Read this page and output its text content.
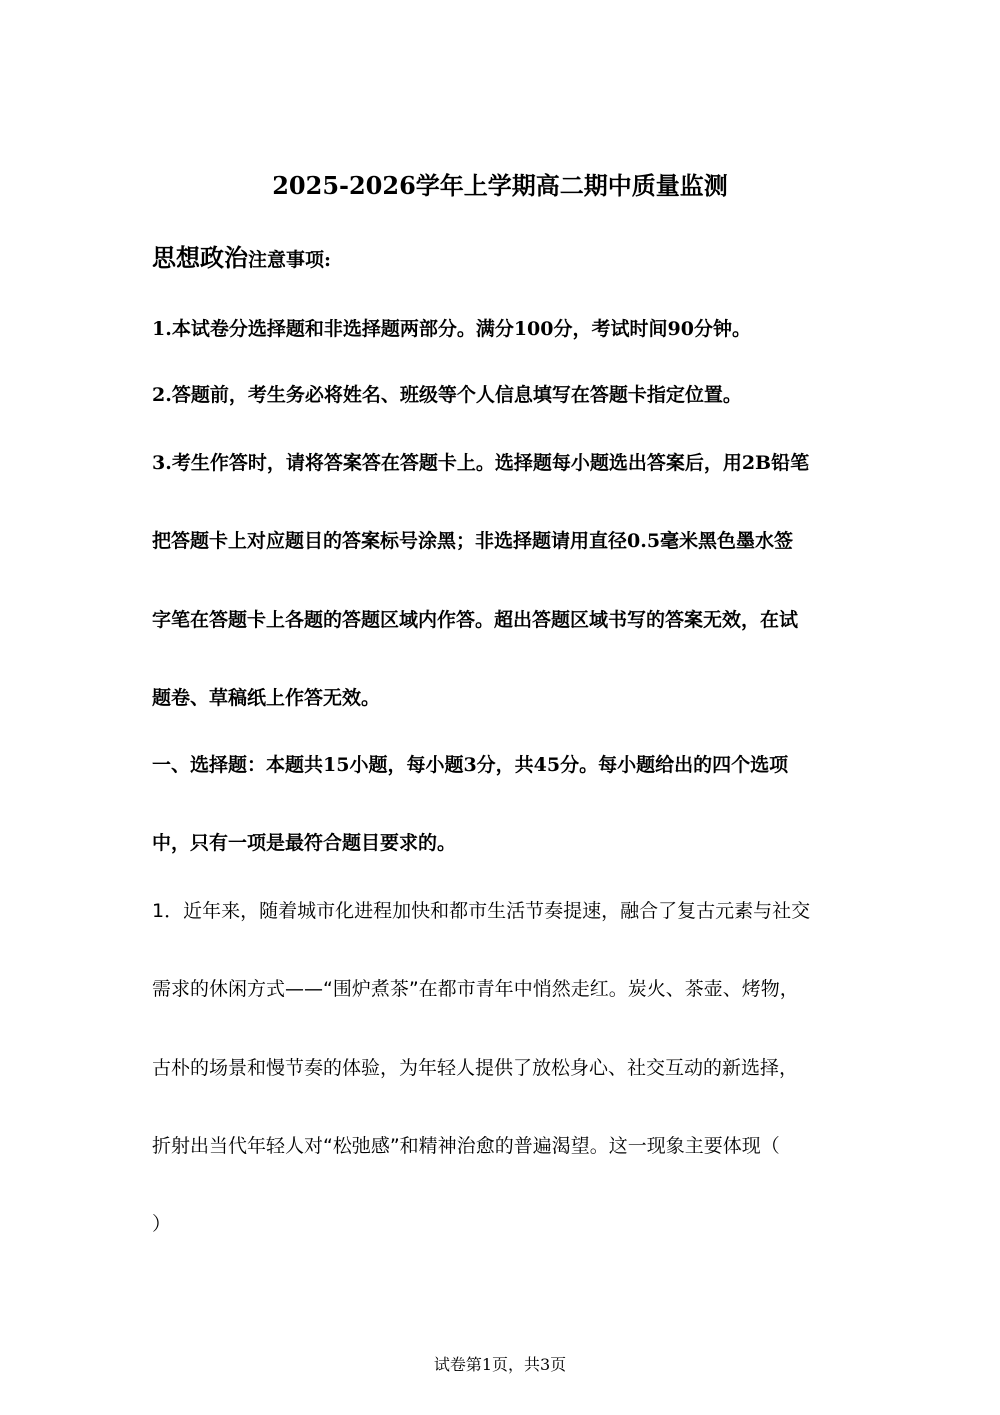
2025-2026学年上学期高二期中质量监测
思想政治注意事项:
1.本试卷分选择题和非选择题两部分。满分100分，考试时间90分钟。
2.答题前，考生务必将姓名、班级等个人信息填写在答题卡指定位置。
3.考生作答时，请将答案答在答题卡上。选择题每小题选出答案后，用2B铅笔
把答题卡上对应题目的答案标号涂黑；非选择题请用直径0.5毫米黑色墨水签
字笔在答题卡上各题的答题区域内作答。超出答题区域书写的答案无效，在试
题卷、草稿纸上作答无效。
一、选择题：本题共15小题，每小题3分，共45分。每小题给出的四个选项
中，只有一项是最符合题目要求的。
1．近年来，随着城市化进程加快和都市生活节奏提速，融合了复古元素与社交
需求的休闲方式——“围炉煮茶”在都市青年中悄然走红。炭火、茶壶、烤物，
古朴的场景和慢节奏的体验，为年轻人提供了放松身心、社交互动的新选择，
折射出当代年轻人对“松弛感”和精神治愈的普遍渴望。这一现象主要体现（
）
试卷第1页，共3页
